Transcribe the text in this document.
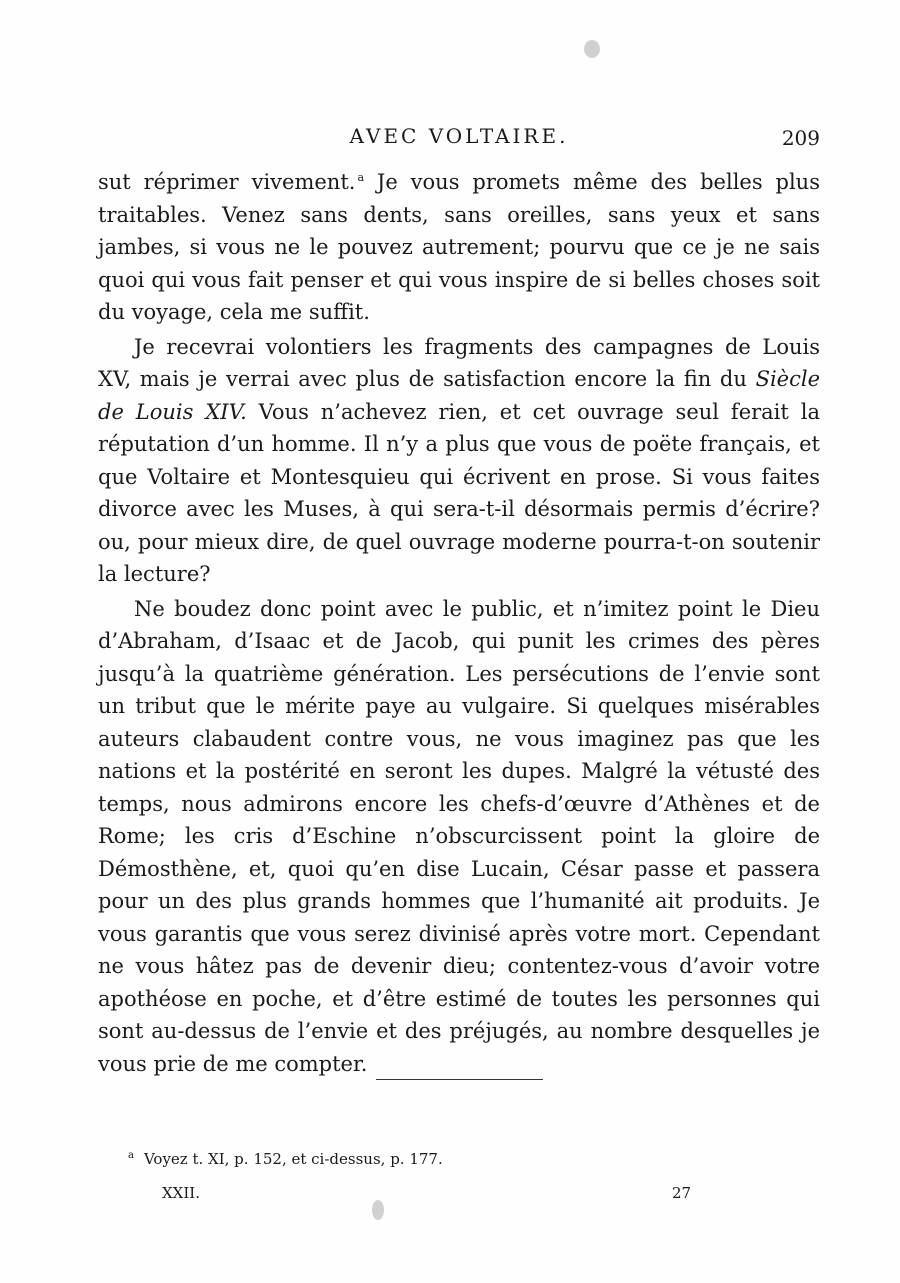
AVEC VOLTAIRE.	209

sut réprimer vivement. $^a$ Je vous promets même des belles plus traitables. Venez sans dents, sans oreilles, sans yeux et sans jambes, si vous ne le pouvez autrement; pourvu que ce je ne sais quoi qui vous fait penser et qui vous inspire de si belles choses soit du voyage, cela me suffit.

Je recevrai volontiers les fragments des campagnes de Louis XV, mais je verrai avec plus de satisfaction encore la fin du Siècle de Louis XIV. Vous n’achevez rien, et cet ouvrage seul ferait la réputation d’un homme. Il n’y a plus que vous de poëte français, et que Voltaire et Montesquieu qui écrivent en prose. Si vous faites divorce avec les Muses, à qui sera-t-il désormais permis d’écrire? ou, pour mieux dire, de quel ouvrage moderne pourra-t-on soutenir la lecture?

Ne boudez donc point avec le public, et n’imitez point le Dieu d’Abraham, d’Isaac et de Jacob, qui punit les crimes des pères jusqu’à la quatrième génération. Les persécutions de l’envie sont un tribut que le mérite paye au vulgaire. Si quelques misérables auteurs clabaudent contre vous, ne vous imaginez pas que les nations et la postérité en seront les dupes. Malgré la vétusté des temps, nous admirons encore les chefs-d’œuvre d’Athènes et de Rome; les cris d’Eschine n’obscurcissent point la gloire de Démosthène, et, quoi qu’en dise Lucain, César passe et passera pour un des plus grands hommes que l’humanité ait produits. Je vous garantis que vous serez divinisé après votre mort. Cependant ne vous hâtez pas de devenir dieu; contentez-vous d’avoir votre apothéose en poche, et d’être estimé de toutes les personnes qui sont au-dessus de l’envie et des préjugés, au nombre desquelles je vous prie de me compter.

$^a$ Voyez t. XI, p. 152, et ci-dessus, p. 177.
XXII.	27
